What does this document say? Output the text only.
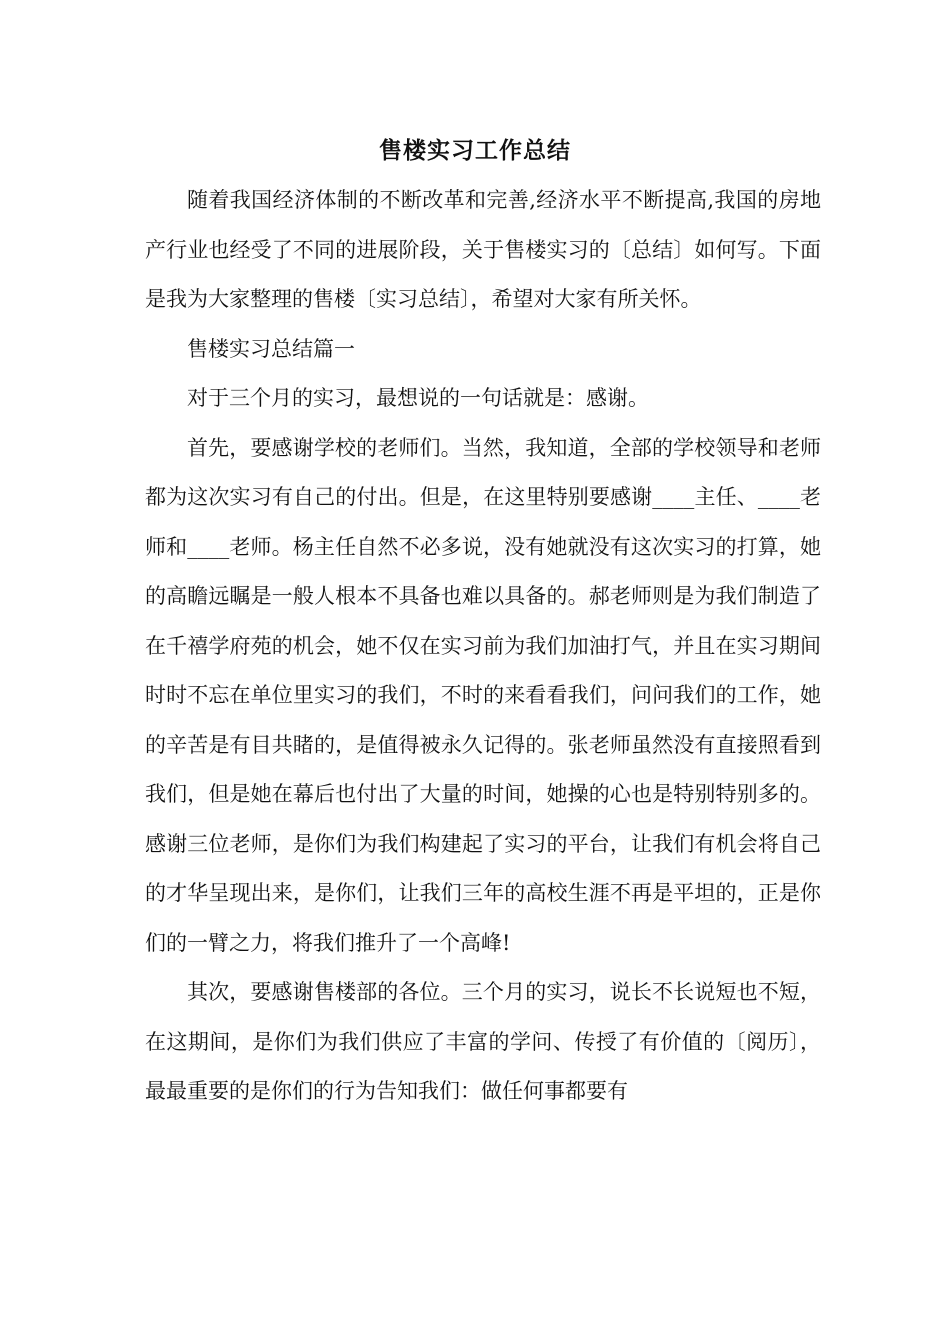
售楼实习工作总结

随着我国经济体制的不断改革和完善,经济水平不断提高,我国的房地产行业也经受了不同的进展阶段，关于售楼实习的〔总结〕如何写。下面是我为大家整理的售楼〔实习总结〕，希望对大家有所关怀。

售楼实习总结篇一

对于三个月的实习，最想说的一句话就是：感谢。

首先，要感谢学校的老师们。当然，我知道，全部的学校领导和老师都为这次实习有自己的付出。但是，在这里特别要感谢____主任、____老师和____老师。杨主任自然不必多说，没有她就没有这次实习的打算，她的高瞻远瞩是一般人根本不具备也难以具备的。郝老师则是为我们制造了在千禧学府苑的机会，她不仅在实习前为我们加油打气，并且在实习期间时时不忘在单位里实习的我们，不时的来看看我们，问问我们的工作，她的辛苦是有目共睹的，是值得被永久记得的。张老师虽然没有直接照看到我们，但是她在幕后也付出了大量的时间，她操的心也是特别特别多的。感谢三位老师，是你们为我们构建起了实习的平台，让我们有机会将自己的才华呈现出来，是你们，让我们三年的高校生涯不再是平坦的，正是你们的一臂之力，将我们推升了一个高峰!

其次，要感谢售楼部的各位。三个月的实习，说长不长说短也不短，在这期间，是你们为我们供应了丰富的学问、传授了有价值的〔阅历〕，最最重要的是你们的行为告知我们：做任何事都要有
